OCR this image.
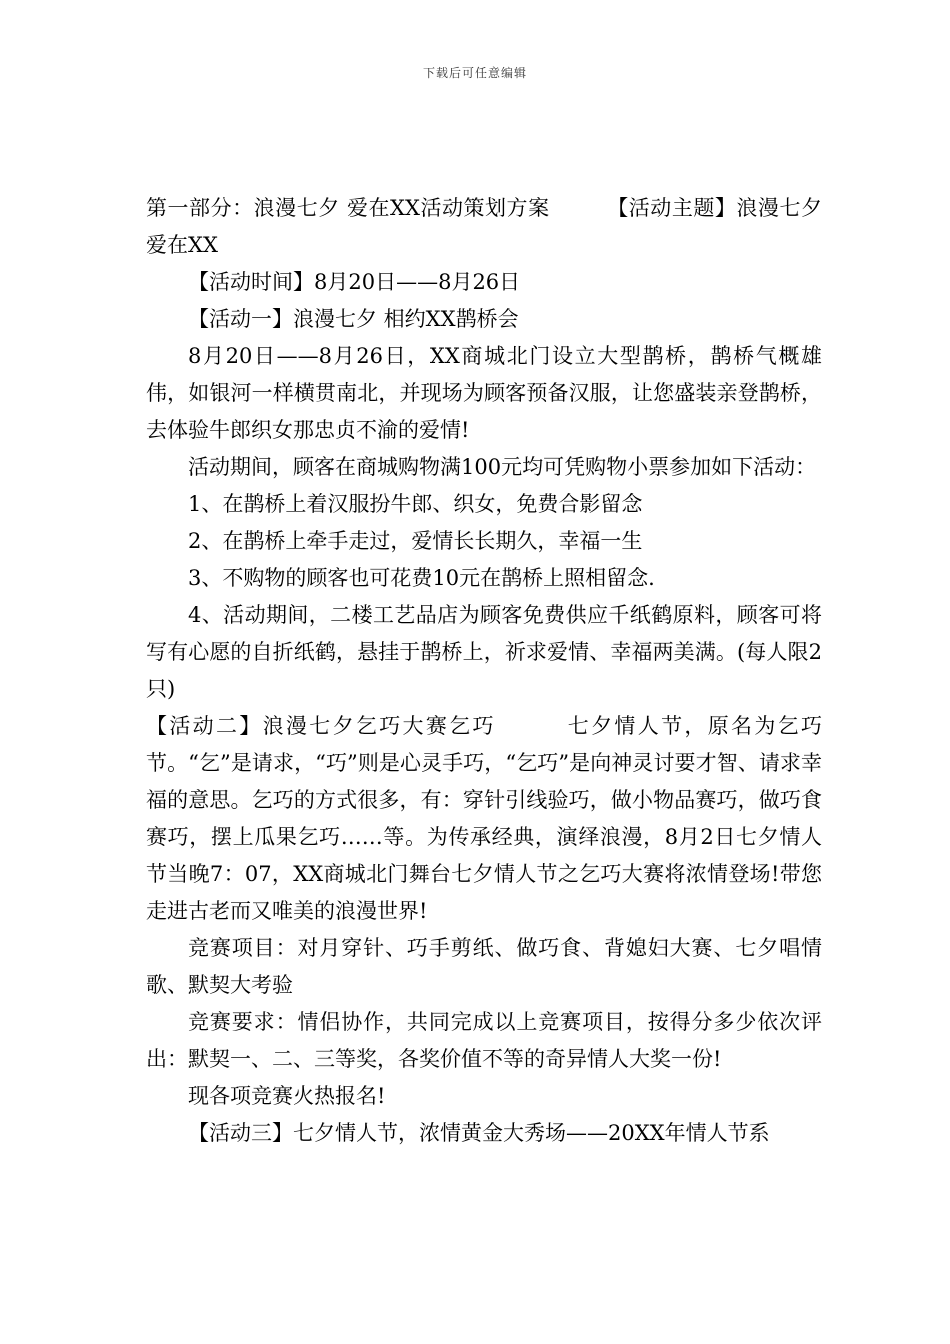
下载后可任意编辑

第一部分：浪漫七夕 爱在XX活动策划方案        【活动主题】浪漫七夕 爱在XX

【活动时间】8月20日——8月26日

【活动一】浪漫七夕 相约XX鹊桥会

8月20日——8月26日，XX商城北门设立大型鹊桥，鹊桥气概雄伟，如银河一样横贯南北，并现场为顾客预备汉服，让您盛装亲登鹊桥，去体验牛郎织女那忠贞不渝的爱情!

活动期间，顾客在商城购物满100元均可凭购物小票参加如下活动：

1、在鹊桥上着汉服扮牛郎、织女，免费合影留念

2、在鹊桥上牵手走过，爱情长长期久，幸福一生

3、不购物的顾客也可花费10元在鹊桥上照相留念.

4、活动期间，二楼工艺品店为顾客免费供应千纸鹤原料，顾客可将写有心愿的自折纸鹤，悬挂于鹊桥上，祈求爱情、幸福两美满。(每人限2只)

【活动二】浪漫七夕乞巧大赛乞巧        七夕情人节，原名为乞巧节。“乞”是请求，“巧”则是心灵手巧，“乞巧”是向神灵讨要才智、请求幸福的意思。乞巧的方式很多，有：穿针引线验巧，做小物品赛巧，做巧食赛巧，摆上瓜果乞巧……等。为传承经典，演绎浪漫，8月2日七夕情人节当晚7：07，XX商城北门舞台七夕情人节之乞巧大赛将浓情登场!带您走进古老而又唯美的浪漫世界!

竞赛项目：对月穿针、巧手剪纸、做巧食、背媳妇大赛、七夕唱情歌、默契大考验

竞赛要求：情侣协作，共同完成以上竞赛项目，按得分多少依次评出：默契一、二、三等奖，各奖价值不等的奇异情人大奖一份!

现各项竞赛火热报名!

【活动三】七夕情人节，浓情黄金大秀场——20XX年情人节系
